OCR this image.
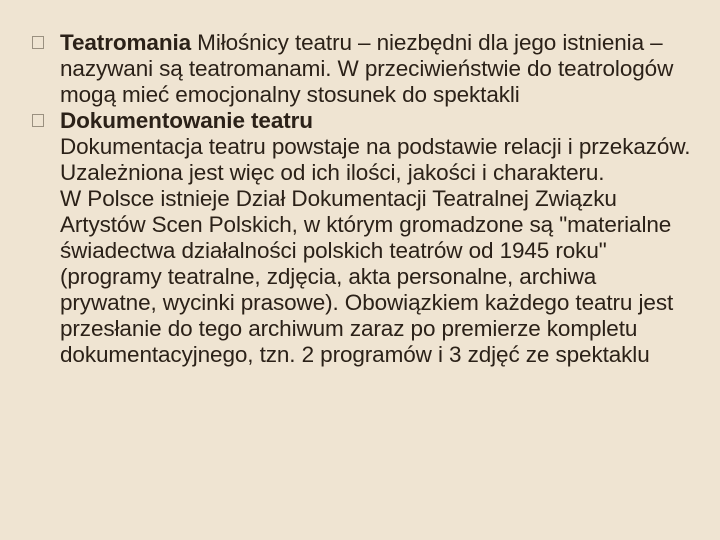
Teatromania Miłośnicy teatru – niezbędni dla jego istnienia – nazywani są teatromanami. W przeciwieństwie do teatrologów mogą mieć emocjonalny stosunek do spektakli
Dokumentowanie teatru
Dokumentacja teatru powstaje na podstawie relacji i przekazów. Uzależniona jest więc od ich ilości, jakości i charakteru.
W Polsce istnieje Dział Dokumentacji Teatralnej Związku Artystów Scen Polskich, w którym gromadzone są "materialne świadectwa działalności polskich teatrów od 1945 roku" (programy teatralne, zdjęcia, akta personalne, archiwa prywatne, wycinki prasowe). Obowiązkiem każdego teatru jest przesłanie do tego archiwum zaraz po premierze kompletu dokumentacyjnego, tzn. 2 programów i 3 zdjęć ze spektaklu
